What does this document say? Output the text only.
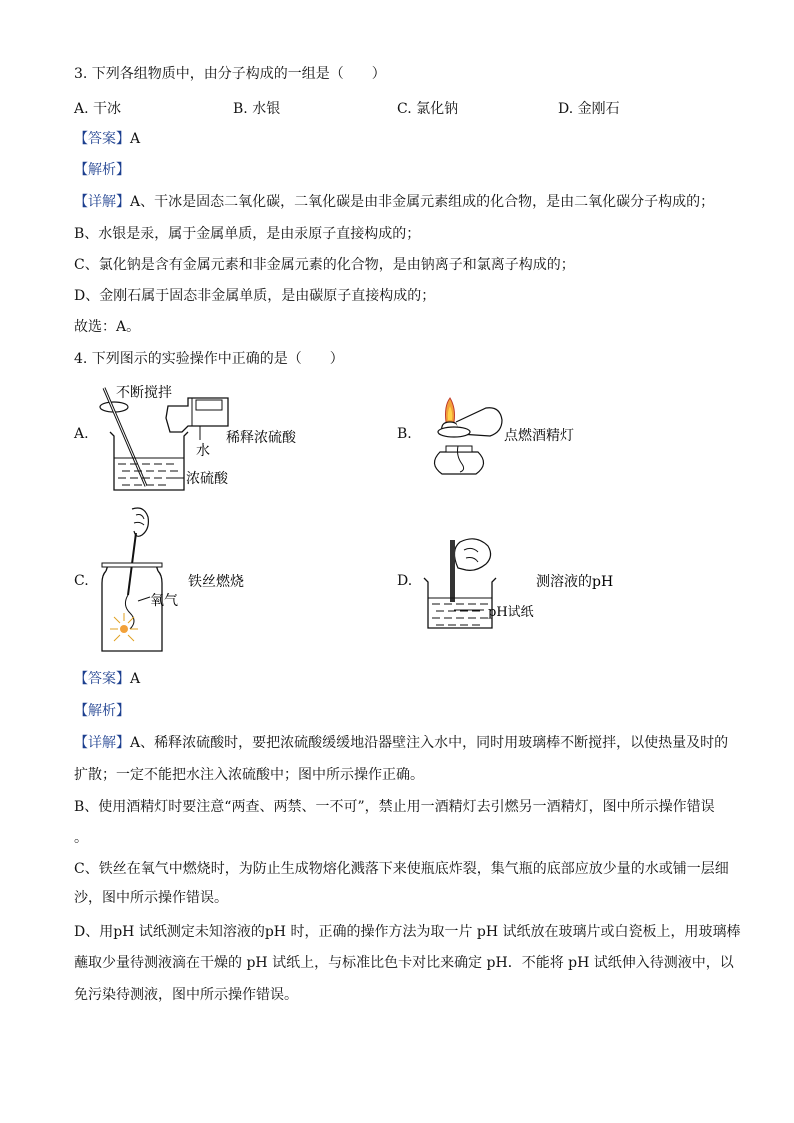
3. 下列各组物质中，由分子构成的一组是（　　）
A. 干冰	B. 水银	C. 氯化钠	D. 金刚石
【答案】A
【解析】
【详解】A、干冰是固态二氧化碳，二氧化碳是由非金属元素组成的化合物，是由二氧化碳分子构成的；
B、水银是汞，属于金属单质，是由汞原子直接构成的；
C、氯化钠是含有金属元素和非金属元素的化合物，是由钠离子和氯离子构成的；
D、金刚石属于固态非金属单质，是由碳原子直接构成的；
故选：A。
4. 下列图示的实验操作中正确的是（　　）
A.
不断搅拌
稀释浓硫酸
水
浓硫酸
B.	点燃酒精灯
C.	铁丝燃烧
氧气
D.
pH试纸
测溶液的pH
【答案】A
【解析】
【详解】A、稀释浓硫酸时，要把浓硫酸缓缓地沿器壁注入水中，同时用玻璃棒不断搅拌，以使热量及时的
扩散；一定不能把水注入浓硫酸中；图中所示操作正确。
B、使用酒精灯时要注意“两查、两禁、一不可”，禁止用一酒精灯去引燃另一酒精灯，图中所示操作错误
。
C、铁丝在氧气中燃烧时，为防止生成物熔化溅落下来使瓶底炸裂，集气瓶的底部应放少量的水或铺一层细
沙，图中所示操作错误。
D、用pH 试纸测定未知溶液的pH 时，正确的操作方法为取一片 pH 试纸放在玻璃片或白瓷板上，用玻璃棒
蘸取少量待测液滴在干燥的 pH 试纸上，与标准比色卡对比来确定 pH．不能将 pH 试纸伸入待测液中，以
免污染待测液，图中所示操作错误。
